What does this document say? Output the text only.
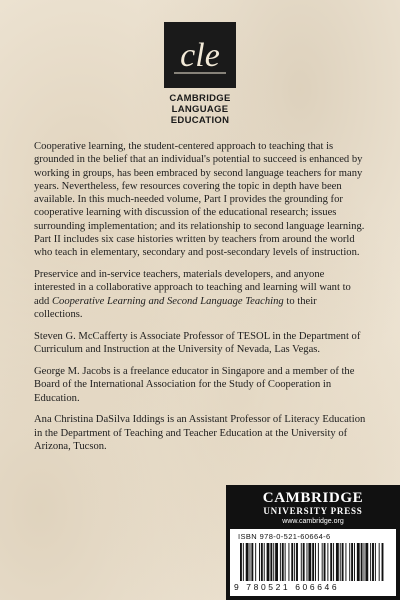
cle
CAMBRIDGE
LANGUAGE
EDUCATION

Cooperative learning, the student-centered approach to teaching that is grounded in the belief that an individual's potential to succeed is enhanced by working in groups, has been embraced by second language teachers for many years. Nevertheless, few resources covering the topic in depth have been available. In this much-needed volume, Part I provides the grounding for cooperative learning with discussion of the educational research; issues surrounding implementation; and its relationship to second language learning. Part II includes six case histories written by teachers from around the world who teach in elementary, secondary and post-secondary levels of instruction.

Preservice and in-service teachers, materials developers, and anyone interested in a collaborative approach to teaching and learning will want to add Cooperative Learning and Second Language Teaching to their collections.

Steven G. McCafferty is Associate Professor of TESOL in the Department of Curriculum and Instruction at the University of Nevada, Las Vegas.

George M. Jacobs is a freelance educator in Singapore and a member of the Board of the International Association for the Study of Cooperation in Education.

Ana Christina DaSilva Iddings is an Assistant Professor of Literacy Education in the Department of Teaching and Teacher Education at the University of Arizona, Tucson.

CAMBRIDGE
UNIVERSITY PRESS
www.cambridge.org
ISBN 978-0-521-60664-6
9 780521 606646
